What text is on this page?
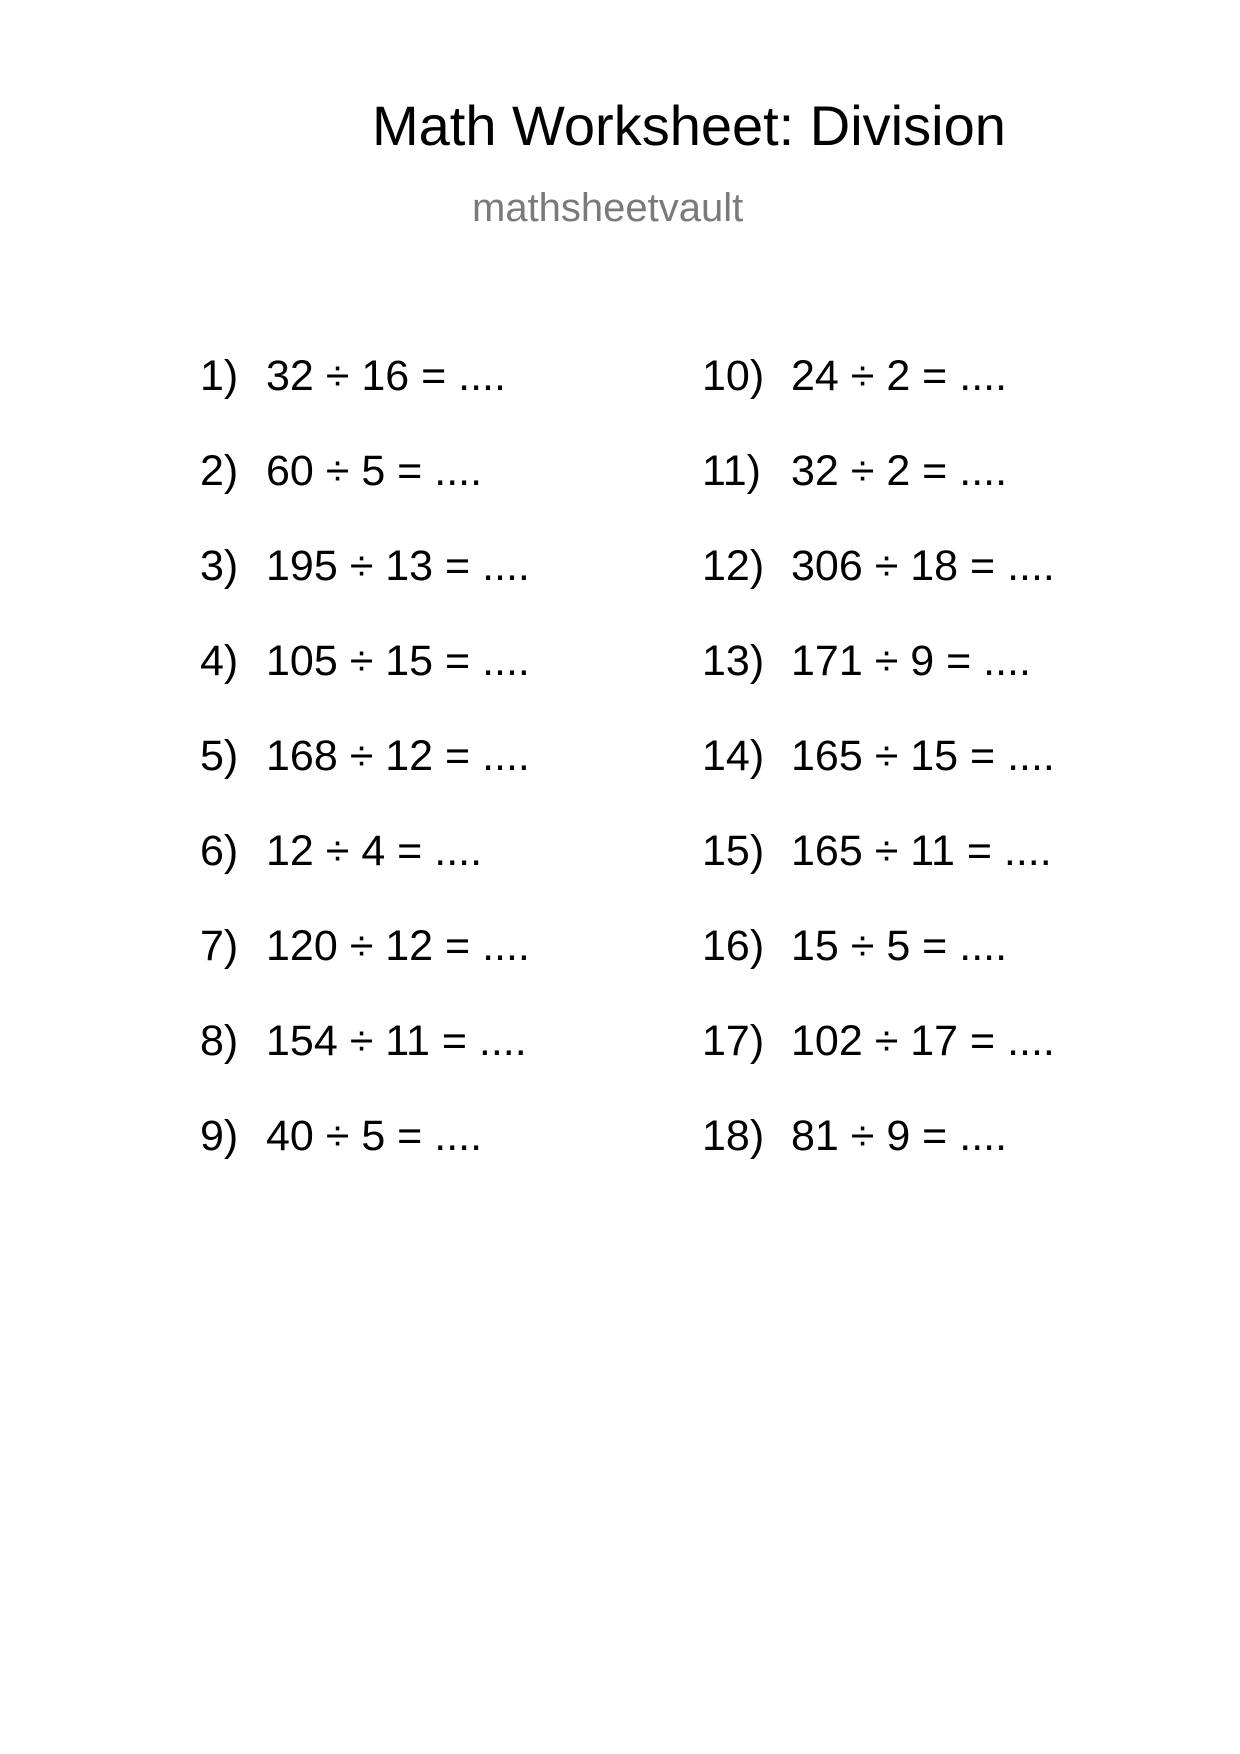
Math Worksheet: Division
mathsheetvault
1) 32 ÷ 16 = ....
2) 60 ÷ 5 = ....
3) 195 ÷ 13 = ....
4) 105 ÷ 15 = ....
5) 168 ÷ 12 = ....
6) 12 ÷ 4 = ....
7) 120 ÷ 12 = ....
8) 154 ÷ 11 = ....
9) 40 ÷ 5 = ....
10) 24 ÷ 2 = ....
11) 32 ÷ 2 = ....
12) 306 ÷ 18 = ....
13) 171 ÷ 9 = ....
14) 165 ÷ 15 = ....
15) 165 ÷ 11 = ....
16) 15 ÷ 5 = ....
17) 102 ÷ 17 = ....
18) 81 ÷ 9 = ....
